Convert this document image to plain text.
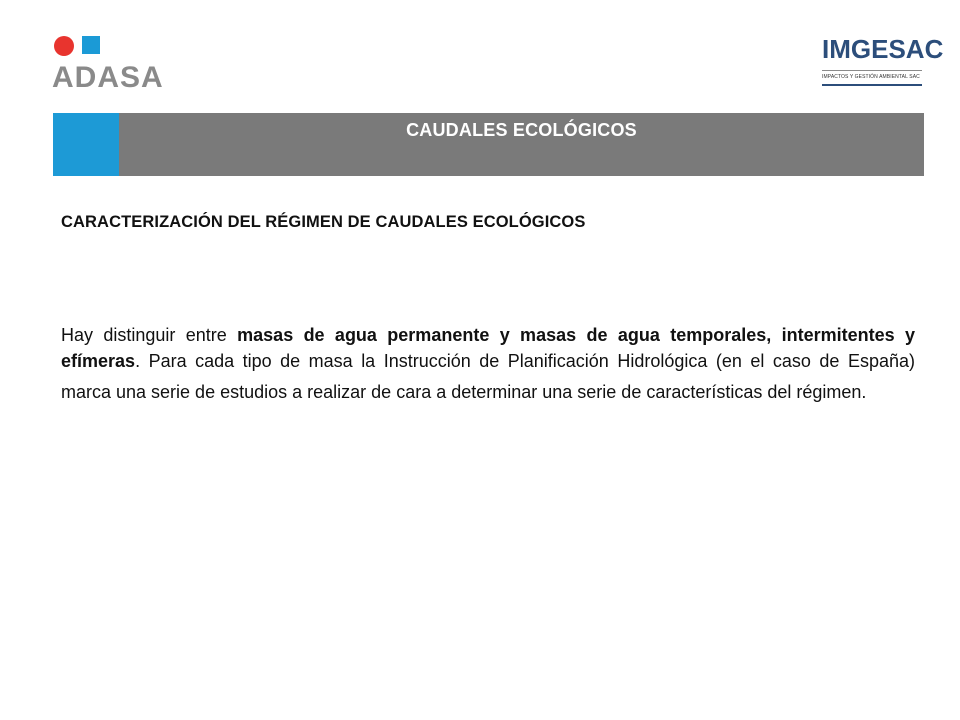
ADASA
IMGESAC
IMPACTOS Y GESTIÓN AMBIENTAL SAC
CAUDALES ECOLÓGICOS
CARACTERIZACIÓN DEL RÉGIMEN DE CAUDALES ECOLÓGICOS
Hay distinguir entre masas de agua permanente y masas de agua temporales, intermitentes y efímeras. Para cada tipo de masa la Instrucción de Planificación Hidrológica (en el caso de España) marca una serie de estudios a realizar de cara a determinar una serie de características del régimen.
